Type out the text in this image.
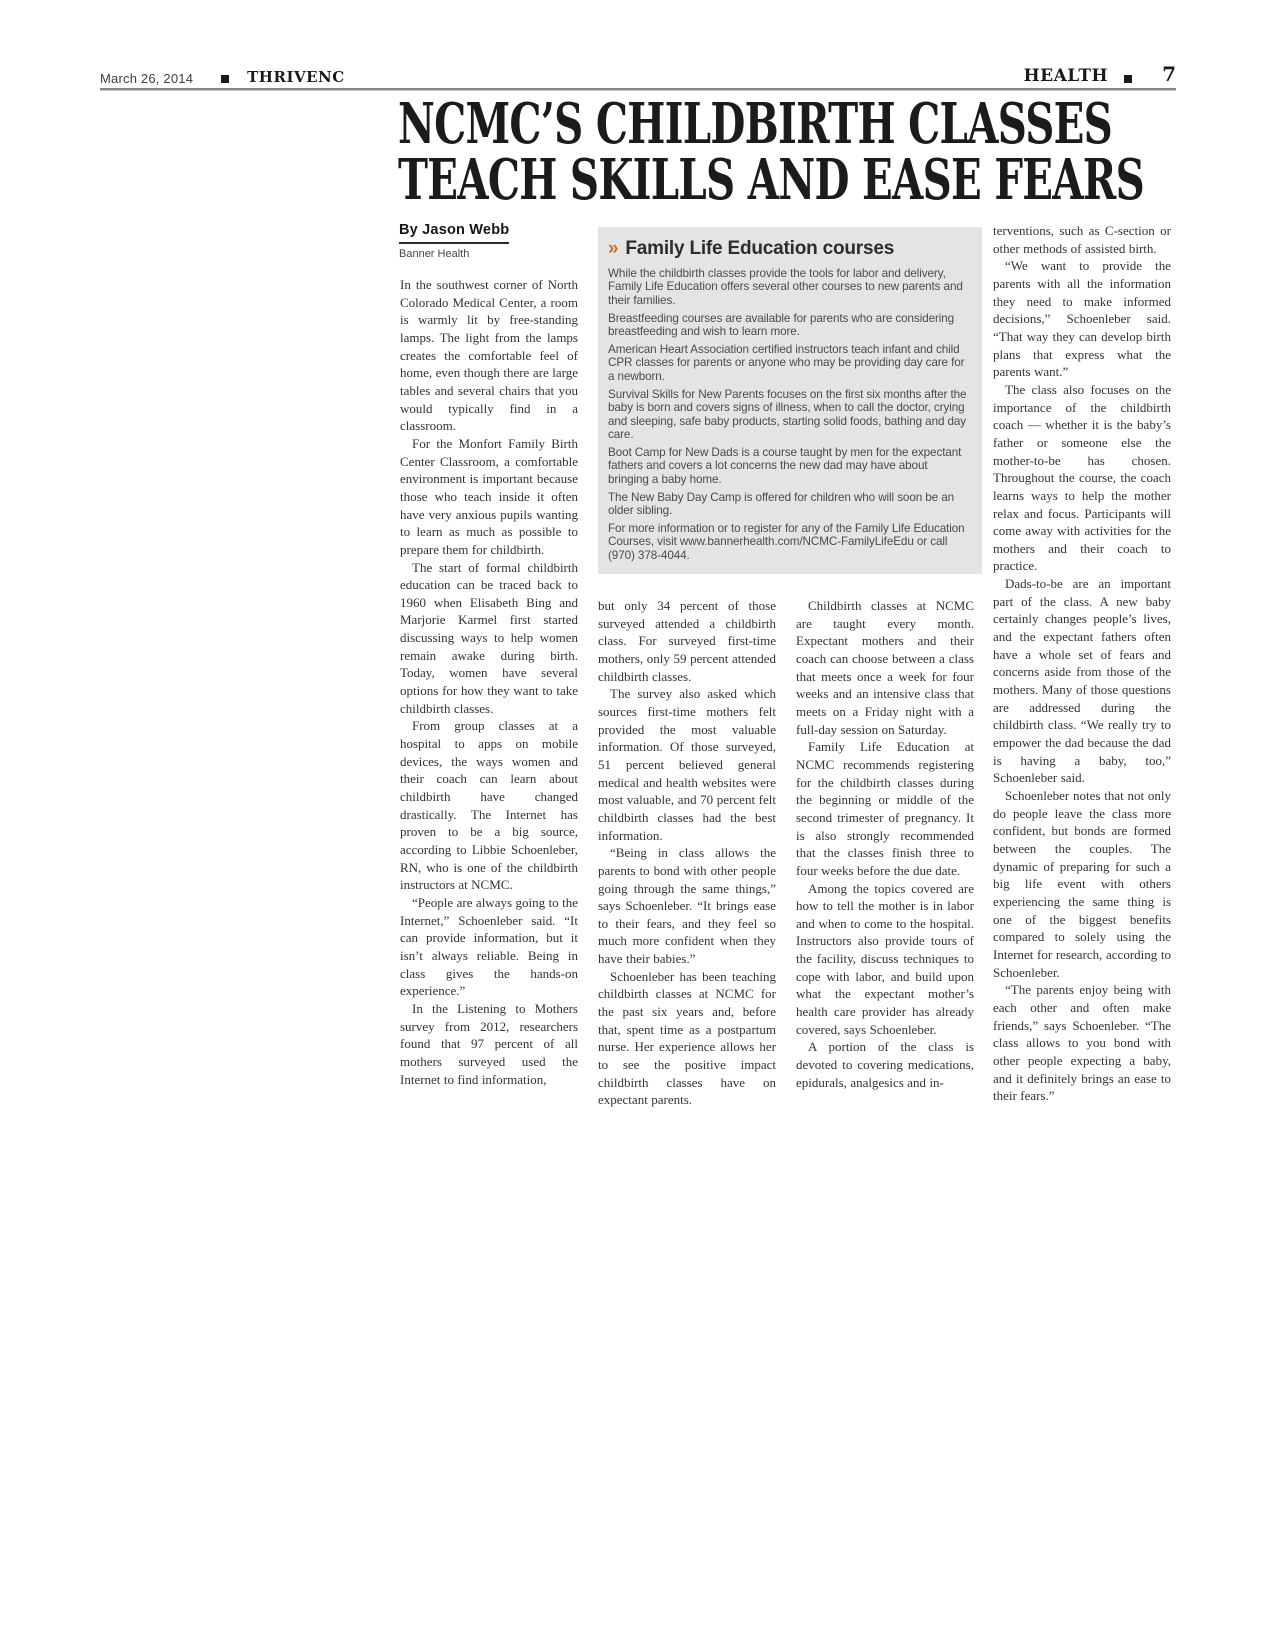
March 26, 2014	THRIVENC	HEALTH	7
NCMC’S CHILDBIRTH CLASSES
TEACH SKILLS AND EASE FEARS
By Jason Webb
Banner Health	» Family Life Education courses

While the childbirth classes provide the tools for labor and delivery, Family Life Education offers several other courses to new parents and their families.

Breastfeeding courses are available for parents who are considering breastfeeding and wish to learn more.

American Heart Association certified instructors teach infant and child CPR classes for parents or anyone who may be providing day care for a newborn.

Survival Skills for New Parents focuses on the first six months after the baby is born and covers signs of illness, when to call the doctor, crying and sleeping, safe baby products, starting solid foods, bathing and day care.

Boot Camp for New Dads is a course taught by men for the expectant fathers and covers a lot concerns the new dad may have about bringing a baby home.

The New Baby Day Camp is offered for children who will soon be an older sibling.

For more information or to register for any of the Family Life Education Courses, visit www.bannerhealth.com/NCMC-FamilyLifeEdu or call (970) 378-4044.

In the southwest corner of North Colorado Medical Center, a room is warmly lit by free-standing lamps. The light from the lamps creates the comfortable feel of home, even though there are large tables and several chairs that you would typically find in a classroom.

For the Monfort Family Birth Center Classroom, a comfortable environment is important because those who teach inside it often have very anxious pupils wanting to learn as much as possible to prepare them for childbirth.

The start of formal childbirth education can be traced back to 1960 when Elisabeth Bing and Marjorie Karmel first started discussing ways to help women remain awake during birth. Today, women have several options for how they want to take childbirth classes.

From group classes at a hospital to apps on mobile devices, the ways women and their coach can learn about childbirth have changed drastically. The Internet has proven to be a big source, according to Libbie Schoenleber, RN, who is one of the childbirth instructors at NCMC.

“People are always going to the Internet,” Schoenleber said. “It can provide information, but it isn’t always reliable. Being in class gives the hands-on experience.”

In the Listening to Mothers survey from 2012, researchers found that 97 percent of all mothers surveyed used the Internet to find information,

but only 34 percent of those surveyed attended a childbirth class. For surveyed first-time mothers, only 59 percent attended childbirth classes.

The survey also asked which sources first-time mothers felt provided the most valuable information. Of those surveyed, 51 percent believed general medical and health websites were most valuable, and 70 percent felt childbirth classes had the best information.

“Being in class allows the parents to bond with other people going through the same things,” says Schoenleber. “It brings ease to their fears, and they feel so much more confident when they have their babies.”

Schoenleber has been teaching childbirth classes at NCMC for the past six years and, before that, spent time as a postpartum nurse. Her experience allows her to see the positive impact childbirth classes have on expectant parents.

Childbirth classes at NCMC are taught every month. Expectant mothers and their coach can choose between a class that meets once a week for four weeks and an intensive class that meets on a Friday night with a full-day session on Saturday.

Family Life Education at NCMC recommends registering for the childbirth classes during the beginning or middle of the second trimester of pregnancy. It is also strongly recommended that the classes finish three to four weeks before the due date.

Among the topics covered are how to tell the mother is in labor and when to come to the hospital. Instructors also provide tours of the facility, discuss techniques to cope with labor, and build upon what the expectant mother’s health care provider has already covered, says Schoenleber.

A portion of the class is devoted to covering medications, epidurals, analgesics and in-

terventions, such as C-section or other methods of assisted birth.

“We want to provide the parents with all the information they need to make informed decisions,” Schoenleber said. “That way they can develop birth plans that express what the parents want.”

The class also focuses on the importance of the childbirth coach — whether it is the baby’s father or someone else the mother-to-be has chosen. Throughout the course, the coach learns ways to help the mother relax and focus. Participants will come away with activities for the mothers and their coach to practice.

Dads-to-be are an important part of the class. A new baby certainly changes people’s lives, and the expectant fathers often have a whole set of fears and concerns aside from those of the mothers. Many of those questions are addressed during the childbirth class. “We really try to empower the dad because the dad is having a baby, too,” Schoenleber said.

Schoenleber notes that not only do people leave the class more confident, but bonds are formed between the couples. The dynamic of preparing for such a big life event with others experiencing the same thing is one of the biggest benefits compared to solely using the Internet for research, according to Schoenleber.

“The parents enjoy being with each other and often make friends,” says Schoenleber. “The class allows to you bond with other people expecting a baby, and it definitely brings an ease to their fears.”
